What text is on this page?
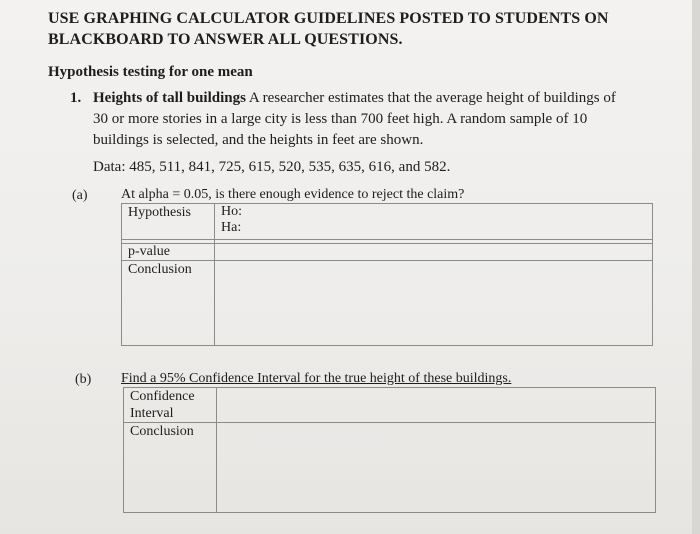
USE GRAPHING CALCULATOR GUIDELINES POSTED TO STUDENTS ON
BLACKBOARD TO ANSWER ALL QUESTIONS.
Hypothesis testing for one mean
1. Heights of tall buildings A researcher estimates that the average height of buildings of
30 or more stories in a large city is less than 700 feet high. A random sample of 10
buildings is selected, and the heights in feet are shown.
Data: 485, 511, 841, 725, 615, 520, 535, 635, 616, and 582.
(a) At alpha = 0.05, is there enough evidence to reject the claim?
Hypothesis	Ho:
Ha:

p-value	
Conclusion	
(b) Find a 95% Confidence Interval for the true height of these buildings.
Confidence
Interval	

Conclusion	
